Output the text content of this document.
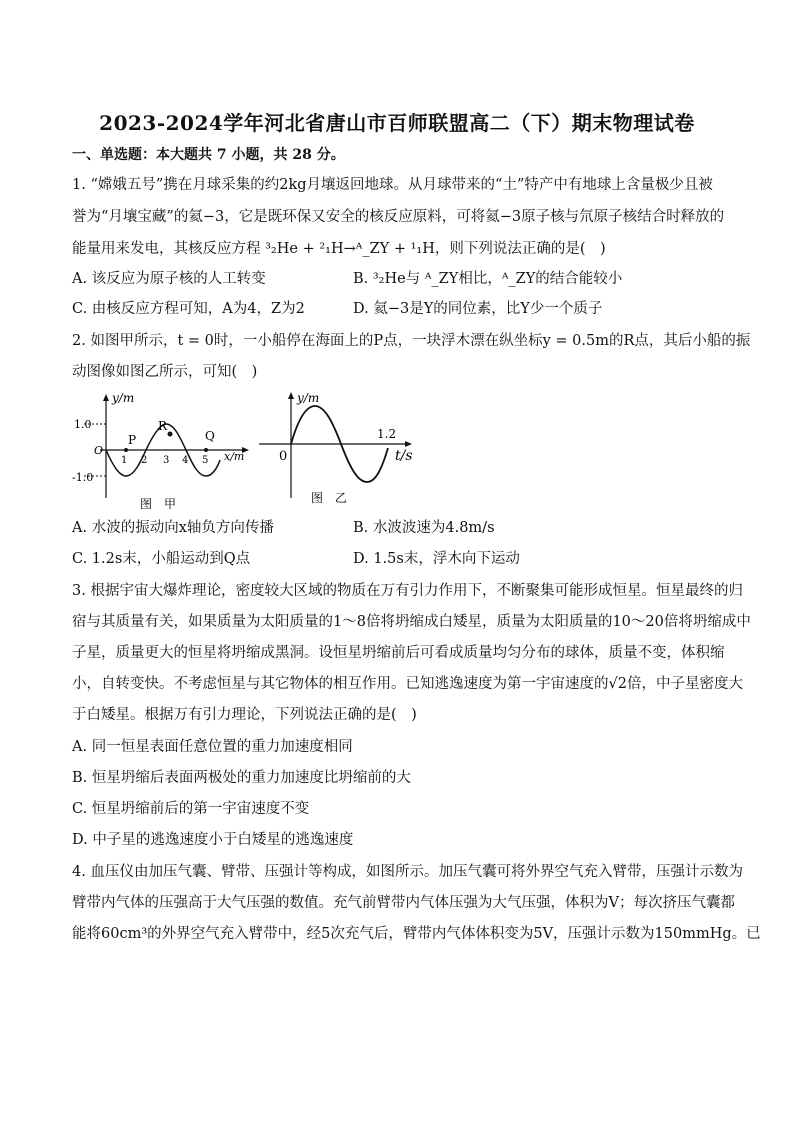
2023-2024学年河北省唐山市百师联盟高二（下）期末物理试卷
一、单选题：本大题共 7 小题，共 28 分。
1. “嫦娥五号”携在月球采集的约2kg月壤返回地球。从月球带来的“土”特产中有地球上含量极少且被
誉为“月壤宝藏”的氦−3，它是既环保又安全的核反应原料，可将氦−3原子核与氘原子核结合时释放的
能量用来发电，其核反应方程 ³₂He + ²₁H→ᴬ_ZY + ¹₁H，则下列说法正确的是(　)
A. 该反应为原子核的人工转变	B. ³₂He与 ᴬ_ZY相比，ᴬ_ZY的结合能较小
C. 由核反应方程可知，A为4，Z为2	D. 氦−3是Y的同位素，比Y少一个质子
2. 如图甲所示，t = 0时，一小船停在海面上的P点，一块浮木漂在纵坐标y = 0.5m的R点，其后小船的振
动图像如图乙所示，可知(　)
y/m
1.0
-1.0
O	x/m
1 2 3 4 5
P
R
Q
图　甲
y/m
0
1.2
t/s
图　乙
A. 水波的振动向x轴负方向传播	B. 水波波速为4.8m/s
C. 1.2s末，小船运动到Q点	D. 1.5s末，浮木向下运动
3. 根据宇宙大爆炸理论，密度较大区域的物质在万有引力作用下，不断聚集可能形成恒星。恒星最终的归
宿与其质量有关，如果质量为太阳质量的1～8倍将坍缩成白矮星，质量为太阳质量的10～20倍将坍缩成中
子星，质量更大的恒星将坍缩成黑洞。设恒星坍缩前后可看成质量均匀分布的球体，质量不变，体积缩
小，自转变快。不考虑恒星与其它物体的相互作用。已知逃逸速度为第一宇宙速度的√2倍，中子星密度大
于白矮星。根据万有引力理论，下列说法正确的是(　)
A. 同一恒星表面任意位置的重力加速度相同
B. 恒星坍缩后表面两极处的重力加速度比坍缩前的大
C. 恒星坍缩前后的第一宇宙速度不变
D. 中子星的逃逸速度小于白矮星的逃逸速度
4. 血压仪由加压气囊、臂带、压强计等构成，如图所示。加压气囊可将外界空气充入臂带，压强计示数为
臂带内气体的压强高于大气压强的数值。充气前臂带内气体压强为大气压强，体积为V；每次挤压气囊都
能将60cm³的外界空气充入臂带中，经5次充气后，臂带内气体体积变为5V，压强计示数为150mmHg。已
